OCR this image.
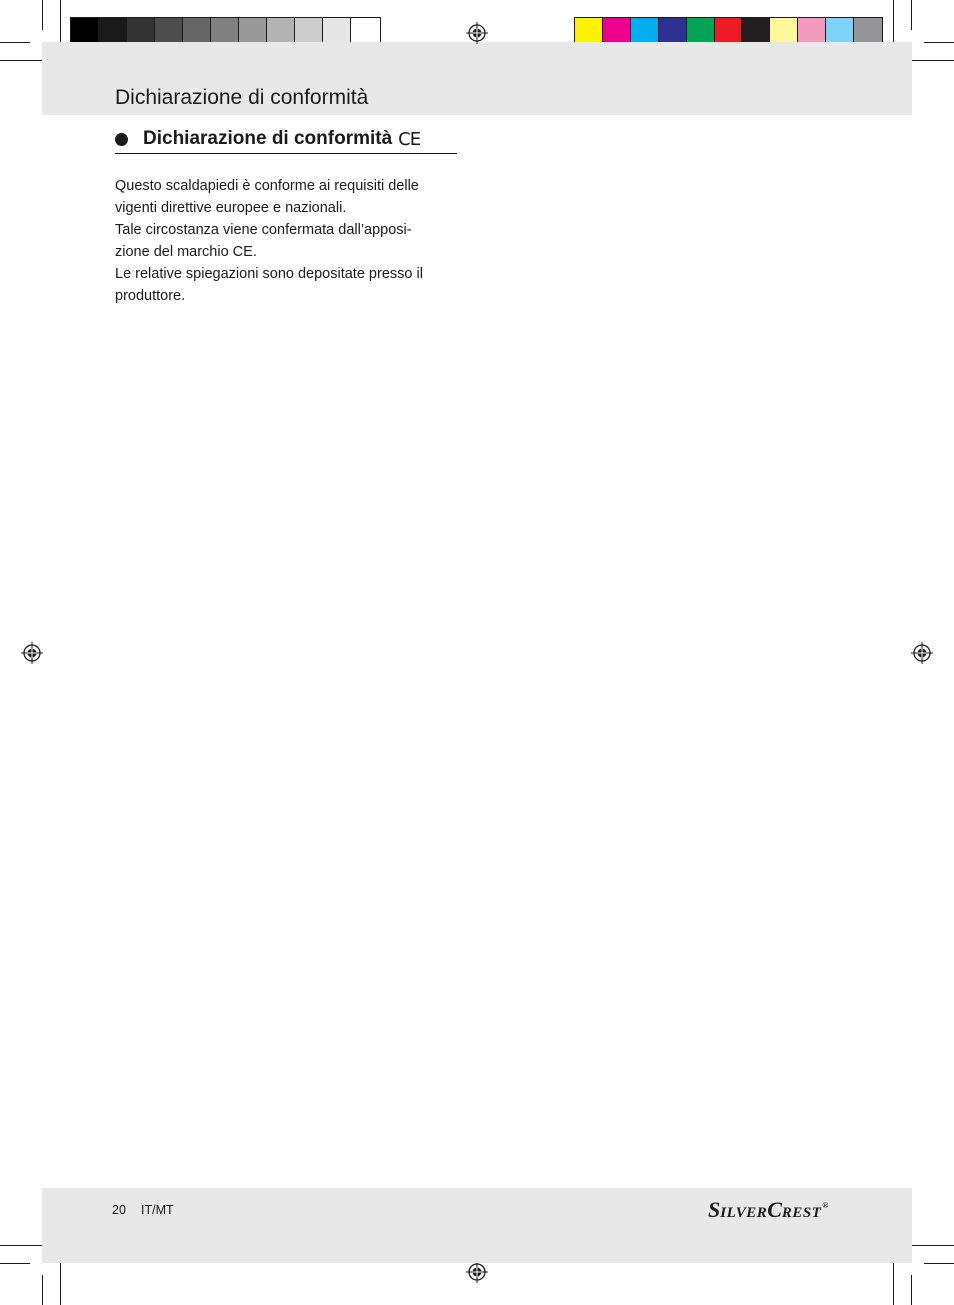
Dichiarazione di conformità
Dichiarazione di conformità CE
Questo scaldapiedi è conforme ai requisiti delle
vigenti direttive europee e nazionali.
Tale circostanza viene confermata dall’apposi-
zione del marchio CE.
Le relative spiegazioni sono depositate presso il
produttore.
20 IT/MT	S ILVER C REST ®
